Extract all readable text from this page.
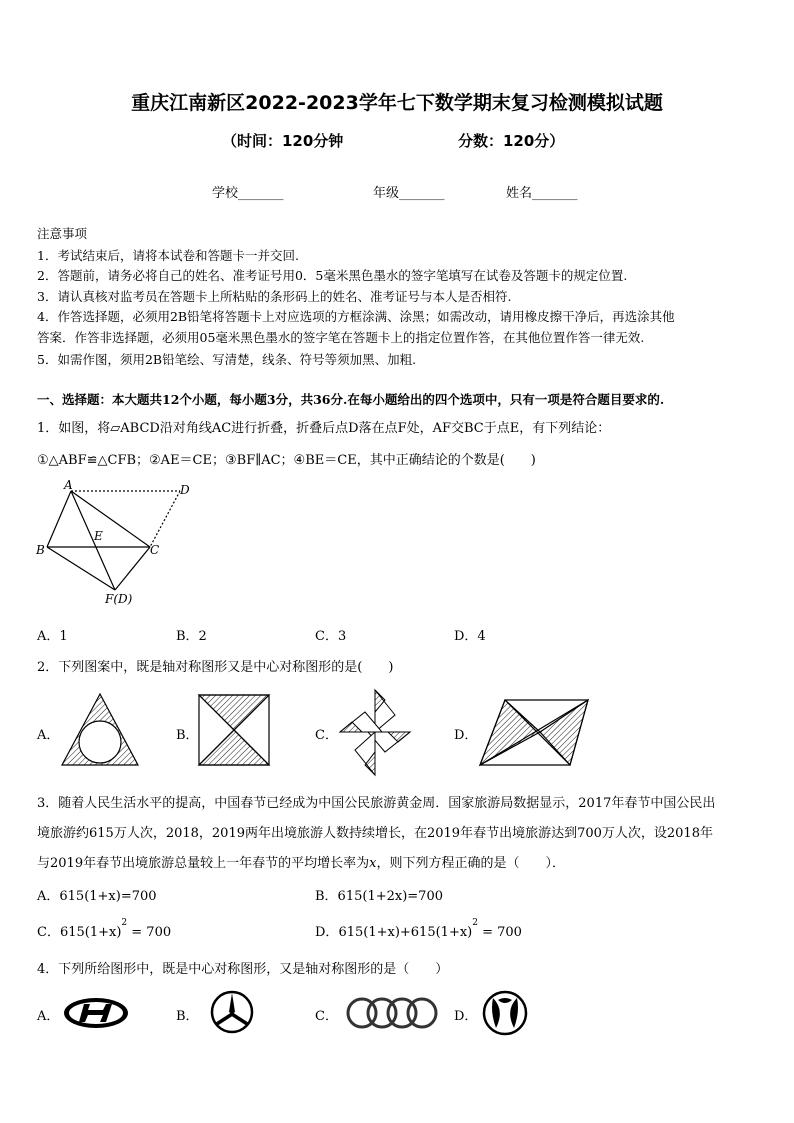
重庆江南新区2022-2023学年七下数学期末复习检测模拟试题
（时间：120分钟	分数：120分）
学校_______	年级_______	姓名_______
注意事项
1．考试结束后，请将本试卷和答题卡一并交回.
2．答题前，请务必将自己的姓名、准考证号用0．5毫米黑色墨水的签字笔填写在试卷及答题卡的规定位置.
3．请认真核对监考员在答题卡上所粘贴的条形码上的姓名、准考证号与本人是否相符.
4．作答选择题，必须用2B铅笔将答题卡上对应选项的方框涂满、涂黑；如需改动，请用橡皮擦干净后，再选涂其他
答案．作答非选择题，必须用05毫米黑色墨水的签字笔在答题卡上的指定位置作答，在其他位置作答一律无效.
5．如需作图，须用2B铅笔绘、写清楚，线条、符号等须加黑、加粗.
一、选择题：本大题共12个小题，每小题3分，共36分.在每小题给出的四个选项中，只有一项是符合题目要求的.
1．如图，将▱ABCD沿对角线AC进行折叠，折叠后点D落在点F处，AF交BC于点E，有下列结论：
①△ABF≌△CFB；②AE＝CE；③BF∥AC；④BE＝CE，其中正确结论的个数是(　　)
A	D
B
E
C
F(D)
A．1	B．2	C．3	D．4
2．下列图案中，既是轴对称图形又是中心对称图形的是(　　)
A．	B．	C．	D．
3．随着人民生活水平的提高，中国春节已经成为中国公民旅游黄金周．国家旅游局数据显示，2017年春节中国公民出
境旅游约615万人次，2018，2019两年出境旅游人数持续增长，在2019年春节出境旅游达到700万人次，设2018年
与2019年春节出境旅游总量较上一年春节的平均增长率为x，则下列方程正确的是（　　）．
A．615(1+x)=700	B．615(1+2x)=700
C．$615(1+x)^2 = 700$	D．$615(1+x)+615(1+x)^2 = 700$
4．下列所给图形中，既是中心对称图形，又是轴对称图形的是（　　）
A．	B．	C．	D．
